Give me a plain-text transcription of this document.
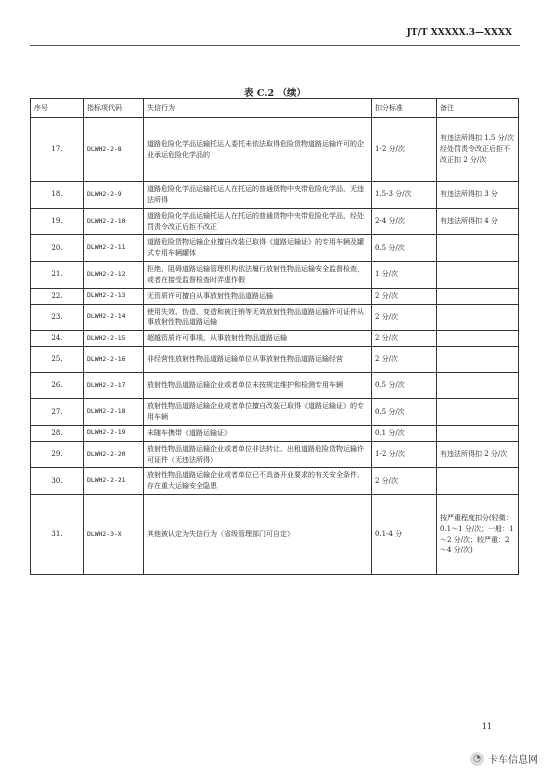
JT/T XXXXX.3—XXXX
表 C.2 （续）
序号	指标项代码	失信行为	扣分标准	备注
17.	DLWH2-2-8	道路危险化学品运输托运人委托未依法取得危险货物道路运输许可的企业承运危险化学品的	1-2 分/次	有违法所得扣 1.5 分/次 经处罚责令改正后拒不改正扣 2 分/次
18.	DLWH2-2-9	道路危险化学品运输托运人在托运的普通货物中夹带危险化学品，无违法所得	1.5-3 分/次	有违法所得扣 3 分
19.	DLWH2-2-10	道路危险化学品运输托运人在托运的普通货物中夹带危险化学品，经处罚责令改正后拒不改正	2-4 分/次	有违法所得扣 4 分
20.	DLWH2-2-11	道路危险货物运输企业擅自改装已取得《道路运输证》的专用车辆及罐式专用车辆罐体	0.5 分/次	
21.	DLWH2-2-12	拒绝、阻碍道路运输管理机构依法履行放射性物品运输安全监督检查，或者在接受监督检查时弄虚作假	1 分/次	
22.	DLWH2-2-13	无资质许可擅自从事放射性物品道路运输	2 分/次	
23.	DLWH2-2-14	使用失效、伪造、变造和被注销等无效放射性物品道路运输许可证件从事放射性物品道路运输	2 分/次	
24.	DLWH2-2-15	超越资质许可事项，从事放射性物品道路运输	2 分/次	
25.	DLWH2-2-16	非经营性放射性物品道路运输单位从事放射性物品道路运输经营	2 分/次	
26.	DLWH2-2-17	放射性物品道路运输企业或者单位未按规定维护和检测专用车辆	0.5 分/次	
27.	DLWH2-2-18	放射性物品道路运输企业或者单位擅自改装已取得《道路运输证》的专用车辆	0.5 分/次	
28.	DLWH2-2-19	未随车携带《道路运输证》	0.1 分/次	
29.	DLWH2-2-20	放射性物品道路运输企业或者单位非法转让、出租道路危险货物运输许可证件（无违法所得）	1-2 分/次	有违法所得扣 2 分/次
30.	DLWH2-2-21	放射性物品道路运输企业或者单位已不具备开业要求的有关安全条件、存在重大运输安全隐患	2 分/次	
31.	DLWH2-3-X	其他被认定为失信行为（省级管理部门可自定）	0.1-4 分	按严重程度扣分(轻微：0.1～1 分/次；一般：1～2 分/次；较严重：2～4 分/次)
11
◔ 卡车信息网
